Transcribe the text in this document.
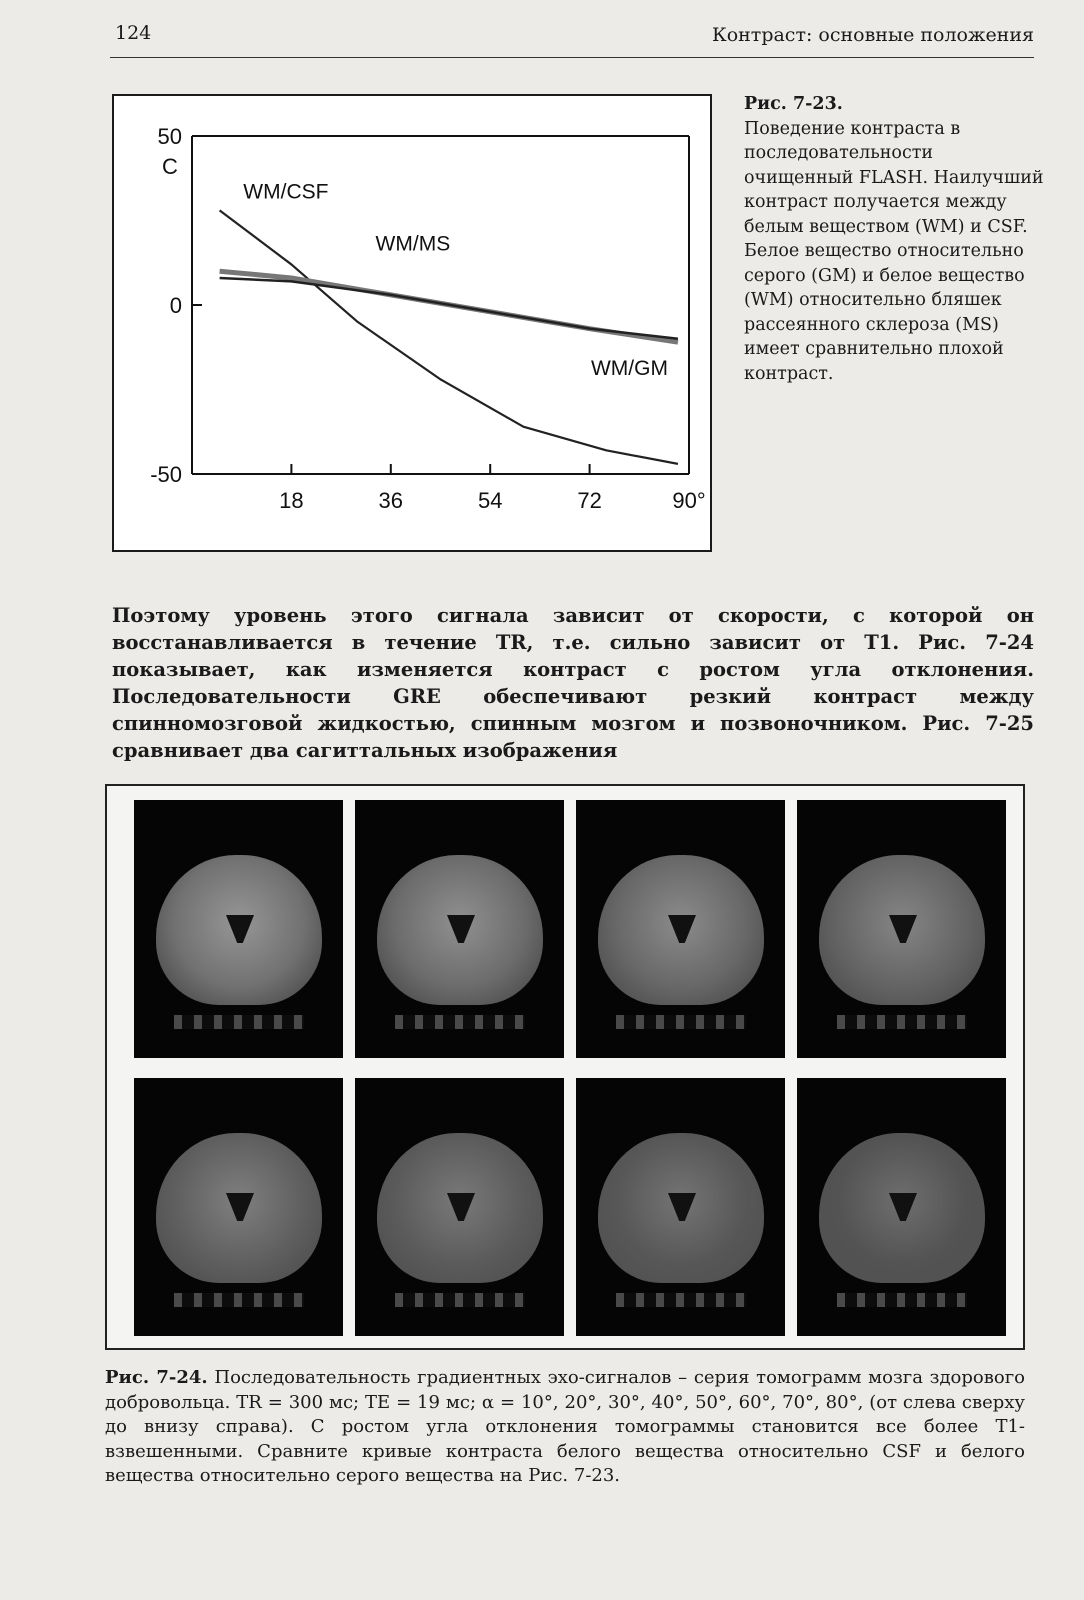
124	Контраст: основные положения
50
0
-50
C
18	36	54	72	90°
WM/CSF
WM/MS
WM/GM
Рис. 7-23.
Поведение контраста в последовательности очищенный FLASH. Наилучший контраст получается между белым веществом (WM) и CSF. Белое вещество относительно серого (GM) и белое вещество (WM) относительно бляшек рассеянного склероза (MS) имеет сравнительно плохой контраст.
Поэтому уровень этого сигнала зависит от скорости, с которой он восстанавливается в течение TR, т.е. сильно зависит от T1. Рис. 7-24 показывает, как изменяется контраст с ростом угла отклонения. Последовательности GRE обеспечивают резкий контраст между спинномозговой жидкостью, спинным мозгом и позвоночником. Рис. 7-25 сравнивает два сагиттальных изображения
Рис. 7-24. Последовательность градиентных эхо-сигналов – серия томограмм мозга здорового добровольца. TR = 300 мс; TE = 19 мс; α = 10°, 20°, 30°, 40°, 50°, 60°, 70°, 80°, (от слева сверху до внизу справа). С ростом угла отклонения томограммы становится все более T1-взвешенными. Сравните кривые контраста белого вещества относительно CSF и белого вещества относительно серого вещества на Рис. 7-23.
